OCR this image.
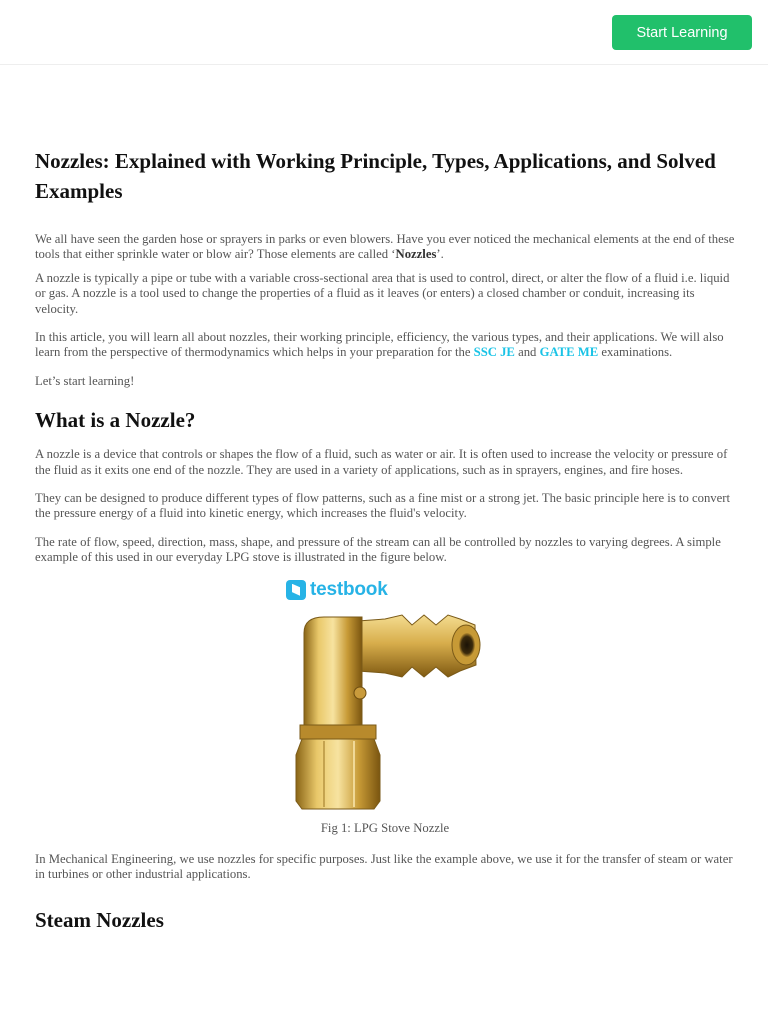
Start Learning
Nozzles: Explained with Working Principle, Types, Applications, and Solved Examples

We all have seen the garden hose or sprayers in parks or even blowers. Have you ever noticed the mechanical elements at the end of these tools that either sprinkle water or blow air? Those elements are called ‘Nozzles’.

A nozzle is typically a pipe or tube with a variable cross-sectional area that is used to control, direct, or alter the flow of a fluid i.e. liquid or gas. A nozzle is a tool used to change the properties of a fluid as it leaves (or enters) a closed chamber or conduit, increasing its velocity.

In this article, you will learn all about nozzles, their working principle, efficiency, the various types, and their applications. We will also learn from the perspective of thermodynamics which helps in your preparation for the SSC JE and GATE ME examinations.

Let’s start learning!

What is a Nozzle?

A nozzle is a device that controls or shapes the flow of a fluid, such as water or air. It is often used to increase the velocity or pressure of the fluid as it exits one end of the nozzle. They are used in a variety of applications, such as in sprayers, engines, and fire hoses.

They can be designed to produce different types of flow patterns, such as a fine mist or a strong jet. The basic principle here is to convert the pressure energy of a fluid into kinetic energy, which increases the fluid's velocity.

The rate of flow, speed, direction, mass, shape, and pressure of the stream can all be controlled by nozzles to varying degrees. A simple example of this used in our everyday LPG stove is illustrated in the figure below.

testbook
Fig 1: LPG Stove Nozzle

In Mechanical Engineering, we use nozzles for specific purposes. Just like the example above, we use it for the transfer of steam or water in turbines or other industrial applications.

Steam Nozzles
